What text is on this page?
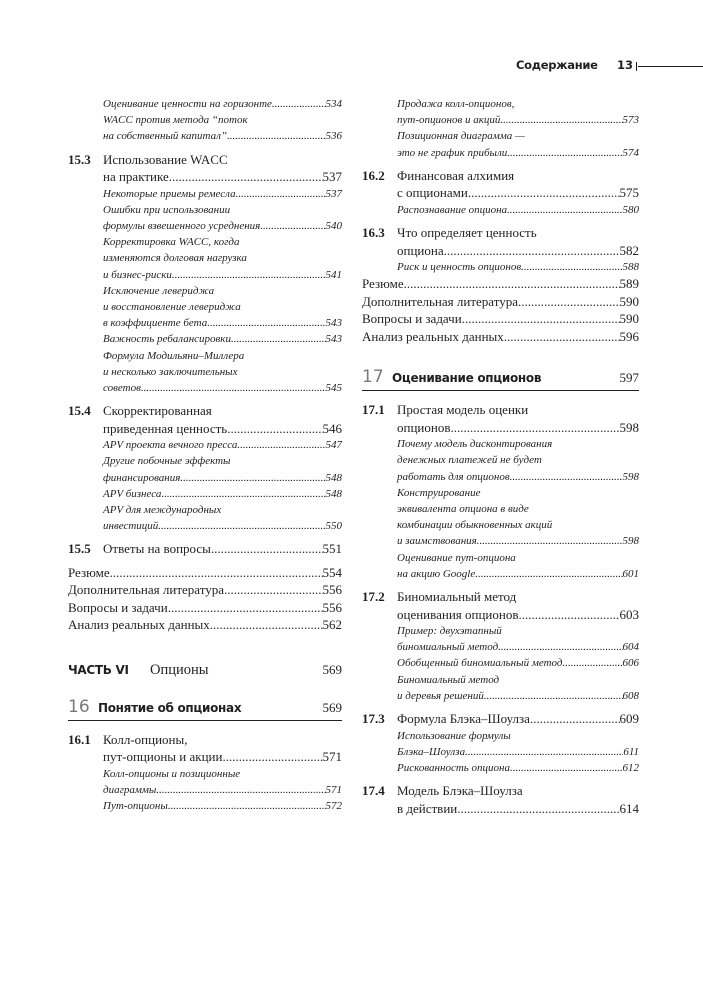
Содержание 13
Оценивание ценности на горизонте .....	534
WACC против метода “поток
на собственный капитал” .....	536
15.3 Использование WACC
на практике .....	537
Некоторые приемы ремесла .....	537
Ошибки при использовании
формулы взвешенного усреднения .....	540
Корректировка WACC, когда
изменяются долговая нагрузка
и бизнес-риски .....	541
Исключение левериджа
и восстановление левериджа
в коэффициенте бета .....	543
Важность ребалансировки .....	543
Формула Модильяни–Миллера
и несколько заключительных
советов .....	545
15.4 Скорректированная
приведенная ценность .....	546
APV проекта вечного пресса .....	547
Другие побочные эффекты
финансирования .....	548
APV бизнеса .....	548
APV для международных
инвестиций .....	550
15.5 Ответы на вопросы .....	551
Резюме .....	554
Дополнительная литература .....	556
Вопросы и задачи .....	556
Анализ реальных данных .....	562
ЧАСТЬ VI	Опционы	569
16 Понятие об опционах	569
16.1 Колл-опционы,
пут-опционы и акции .....	571
Колл-опционы и позиционные
диаграммы .....	571
Пут-опционы .....	572
Продажа колл-опционов,
пут-опционов и акций .....	573
Позиционная диаграмма —
это не график прибыли .....	574
16.2 Финансовая алхимия
с опционами .....	575
Распознавание опциона .....	580
16.3 Что определяет ценность
опциона .....	582
Риск и ценность опционов .....	588
Резюме .....	589
Дополнительная литература .....	590
Вопросы и задачи .....	590
Анализ реальных данных .....	596
17 Оценивание опционов	597
17.1 Простая модель оценки
опционов .....	598
Почему модель дисконтирования
денежных платежей не будет
работать для опционов .....	598
Конструирование
эквивалента опциона в виде
комбинации обыкновенных акций
и заимствования .....	598
Оценивание пут-опциона
на акцию Google .....	601
17.2 Биномиальный метод
оценивания опционов .....	603
Пример: двухэтапный
биномиальный метод .....	604
Обобщенный биномиальный метод .....	606
Биномиальный метод
и деревья решений .....	608
17.3 Формула Блэка–Шоулза .....	609
Использование формулы
Блэка–Шоулза .....	611
Рискованность опциона .....	612
17.4 Модель Блэка–Шоулза
в действии .....	614
